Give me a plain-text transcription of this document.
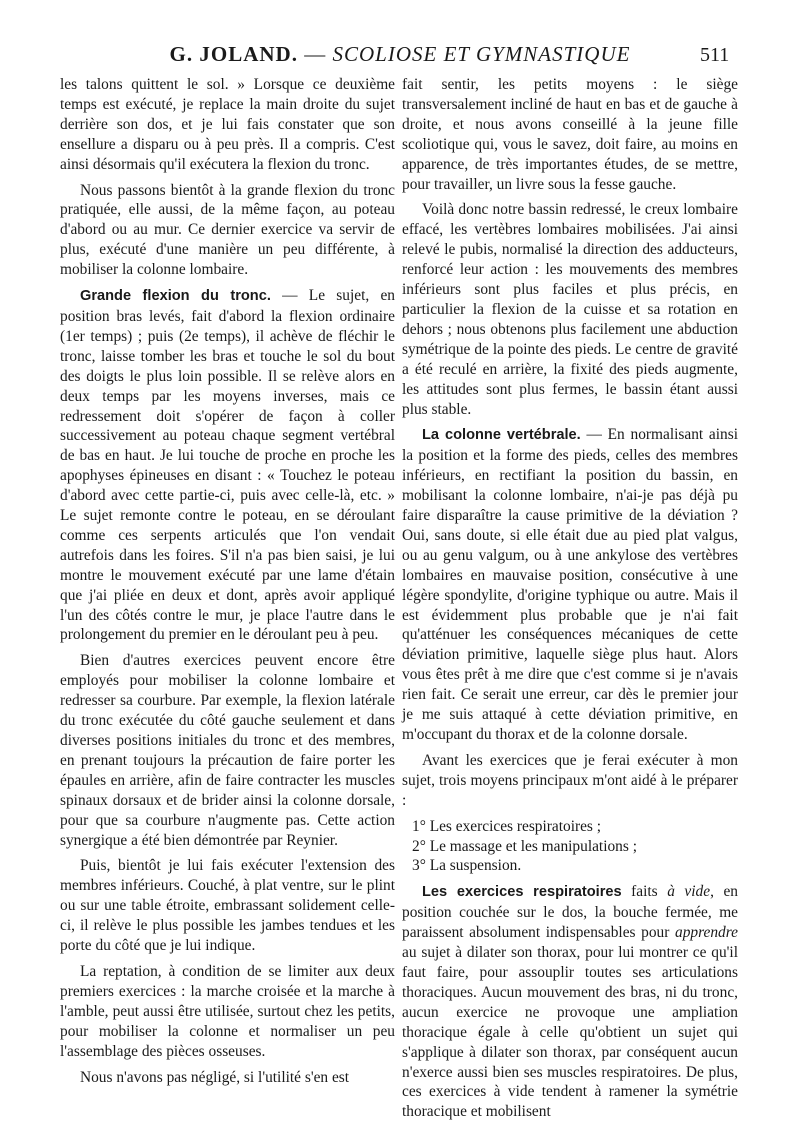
G. JOLAND. — SCOLIOSE ET GYMNASTIQUE	511

les talons quittent le sol. » Lorsque ce deuxième temps est exécuté, je replace la main droite du sujet derrière son dos, et je lui fais constater que son ensellure a disparu ou à peu près. Il a compris. C'est ainsi désormais qu'il exécutera la flexion du tronc.

Nous passons bientôt à la grande flexion du tronc pratiquée, elle aussi, de la même façon, au poteau d'abord ou au mur. Ce dernier exercice va servir de plus, exécuté d'une manière un peu différente, à mobiliser la colonne lombaire.

Grande flexion du tronc. — Le sujet, en position bras levés, fait d'abord la flexion ordinaire (1er temps) ; puis (2e temps), il achève de fléchir le tronc, laisse tomber les bras et touche le sol du bout des doigts le plus loin possible. Il se relève alors en deux temps par les moyens inverses, mais ce redressement doit s'opérer de façon à coller successivement au poteau chaque segment vertébral de bas en haut. Je lui touche de proche en proche les apophyses épineuses en disant : « Touchez le poteau d'abord avec cette partie-ci, puis avec celle-là, etc. » Le sujet remonte contre le poteau, en se déroulant comme ces serpents articulés que l'on vendait autrefois dans les foires. S'il n'a pas bien saisi, je lui montre le mouvement exécuté par une lame d'étain que j'ai pliée en deux et dont, après avoir appliqué l'un des côtés contre le mur, je place l'autre dans le prolongement du premier en le déroulant peu à peu.

Bien d'autres exercices peuvent encore être employés pour mobiliser la colonne lombaire et redresser sa courbure. Par exemple, la flexion latérale du tronc exécutée du côté gauche seulement et dans diverses positions initiales du tronc et des membres, en prenant toujours la précaution de faire porter les épaules en arrière, afin de faire contracter les muscles spinaux dorsaux et de brider ainsi la colonne dorsale, pour que sa courbure n'augmente pas. Cette action synergique a été bien démontrée par Reynier.

Puis, bientôt je lui fais exécuter l'extension des membres inférieurs. Couché, à plat ventre, sur le plint ou sur une table étroite, embrassant solidement celle-ci, il relève le plus possible les jambes tendues et les porte du côté que je lui indique.

La reptation, à condition de se limiter aux deux premiers exercices : la marche croisée et la marche à l'amble, peut aussi être utilisée, surtout chez les petits, pour mobiliser la colonne et normaliser un peu l'assemblage des pièces osseuses.

Nous n'avons pas négligé, si l'utilité s'en est

fait sentir, les petits moyens : le siège transversalement incliné de haut en bas et de gauche à droite, et nous avons conseillé à la jeune fille scoliotique qui, vous le savez, doit faire, au moins en apparence, de très importantes études, de se mettre, pour travailler, un livre sous la fesse gauche.

Voilà donc notre bassin redressé, le creux lombaire effacé, les vertèbres lombaires mobilisées. J'ai ainsi relevé le pubis, normalisé la direction des adducteurs, renforcé leur action : les mouvements des membres inférieurs sont plus faciles et plus précis, en particulier la flexion de la cuisse et sa rotation en dehors ; nous obtenons plus facilement une abduction symétrique de la pointe des pieds. Le centre de gravité a été reculé en arrière, la fixité des pieds augmente, les attitudes sont plus fermes, le bassin étant aussi plus stable.

La colonne vertébrale. — En normalisant ainsi la position et la forme des pieds, celles des membres inférieurs, en rectifiant la position du bassin, en mobilisant la colonne lombaire, n'ai-je pas déjà pu faire disparaître la cause primitive de la déviation ? Oui, sans doute, si elle était due au pied plat valgus, ou au genu valgum, ou à une ankylose des vertèbres lombaires en mauvaise position, consécutive à une légère spondylite, d'origine typhique ou autre. Mais il est évidemment plus probable que je n'ai fait qu'atténuer les conséquences mécaniques de cette déviation primitive, laquelle siège plus haut. Alors vous êtes prêt à me dire que c'est comme si je n'avais rien fait. Ce serait une erreur, car dès le premier jour je me suis attaqué à cette déviation primitive, en m'occupant du thorax et de la colonne dorsale.

Avant les exercices que je ferai exécuter à mon sujet, trois moyens principaux m'ont aidé à le préparer :

1° Les exercices respiratoires ;

2° Le massage et les manipulations ;

3° La suspension.

Les exercices respiratoires faits à vide, en position couchée sur le dos, la bouche fermée, me paraissent absolument indispensables pour apprendre au sujet à dilater son thorax, pour lui montrer ce qu'il faut faire, pour assouplir toutes ses articulations thoraciques. Aucun mouvement des bras, ni du tronc, aucun exercice ne provoque une ampliation thoracique égale à celle qu'obtient un sujet qui s'applique à dilater son thorax, par conséquent aucun n'exerce aussi bien ses muscles respiratoires. De plus, ces exercices à vide tendent à ramener la symétrie thoracique et mobilisent
